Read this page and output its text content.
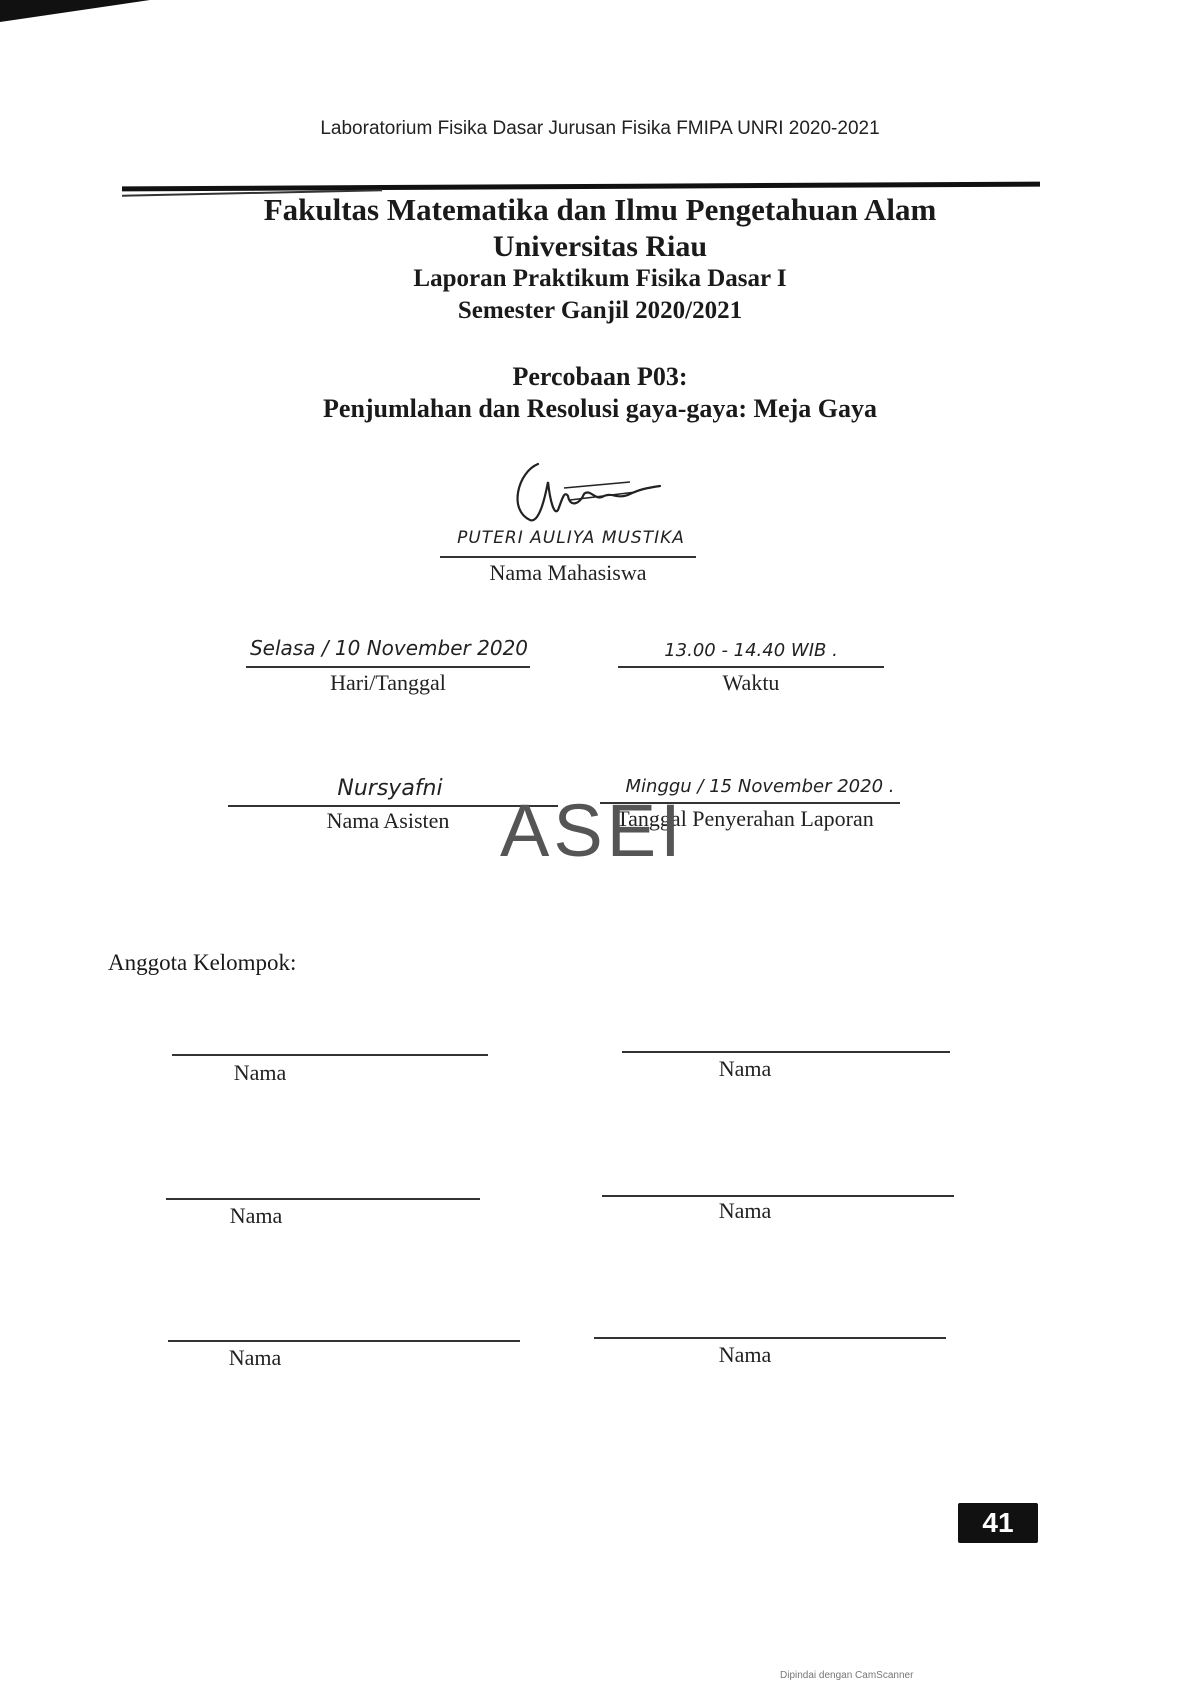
Laboratorium Fisika Dasar Jurusan Fisika FMIPA UNRI 2020-2021
Fakultas Matematika dan Ilmu Pengetahuan Alam
Universitas Riau
Laporan Praktikum Fisika Dasar I
Semester Ganjil 2020/2021
Percobaan P03:
Penjumlahan dan Resolusi gaya-gaya: Meja Gaya
PUTERI AULIYA MUSTIKA
Nama Mahasiswa
Selasa / 10 November 2020
Hari/Tanggal
13.00 - 14.40 WIB .
Waktu
Nursyafni
Nama Asisten
Minggu / 15 November 2020 .
Tanggal Penyerahan Laporan
ASEI
Anggota Kelompok:
Nama	Nama
Nama	Nama
Nama	Nama
41
Dipindai dengan CamScanner
